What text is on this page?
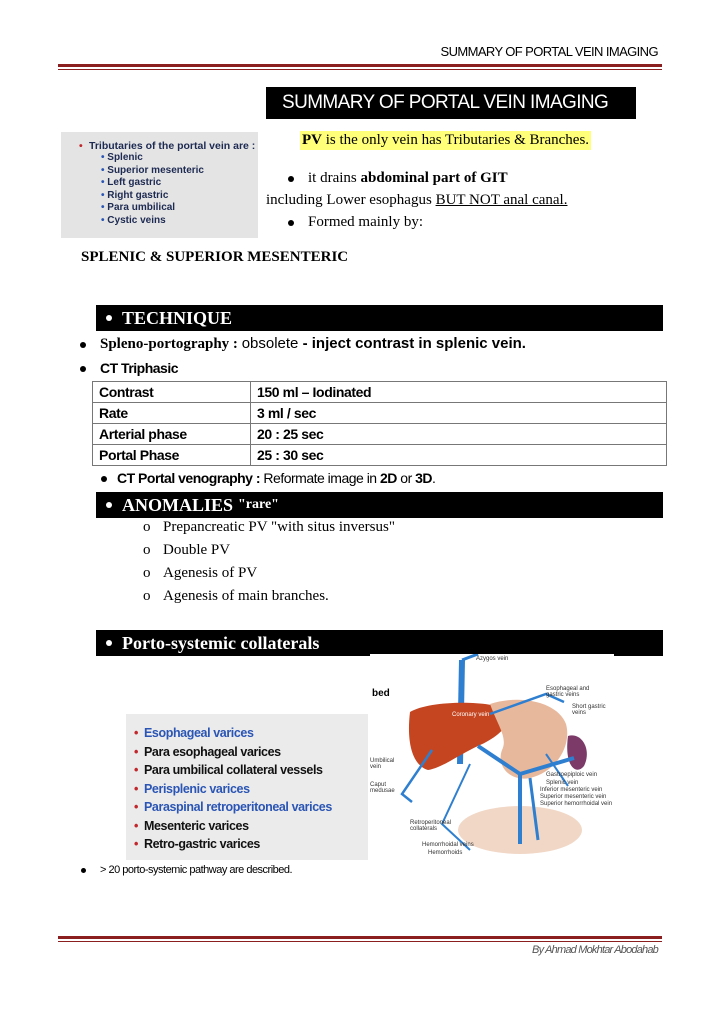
SUMMARY OF PORTAL VEIN IMAGING
SUMMARY OF PORTAL VEIN IMAGING
• Tributaries of the portal vein are :
• Splenic
• Superior mesenteric
• Left gastric
• Right gastric
• Para umbilical
• Cystic veins
PV is the only vein has Tributaries & Branches.
it drains abdominal part of GIT
including Lower esophagus BUT NOT anal canal.
Formed mainly by:
SPLENIC & SUPERIOR MESENTERIC
TECHNIQUE
Spleno-portography : obsolete - inject contrast in splenic vein.
CT Triphasic
Contrast	150 ml – Iodinated
Rate	3 ml / sec
Arterial phase	20 : 25 sec
Portal Phase	25 : 30 sec
CT Portal venography : Reformate image in 2D or 3D.
ANOMALIES "rare"
o Prepancreatic PV "with situs inversus"
o Double PV
o Agenesis of PV
o Agenesis of main branches.
Porto-systemic collaterals
• Esophageal varices
• Para esophageal varices
• Para umbilical collateral vessels
• Perisplenic varices
• Paraspinal retroperitoneal varices
• Mesenteric varices
• Retro-gastric varices
bed
Azygos vein
Esophageal and
gastric veins
Short gastric
veins
Coronary vein
Umbilical
vein
Caput
medusae
Gastroepiploic vein
Splenic vein
Inferior mesenteric vein
Superior mesenteric vein
Superior hemorrhoidal vein
Retroperitoneal
collaterals
Hemorrhoidal veins
Hemorrhoids
> 20 porto-systemic pathway are described.
By Ahmad Mokhtar Abodahab
